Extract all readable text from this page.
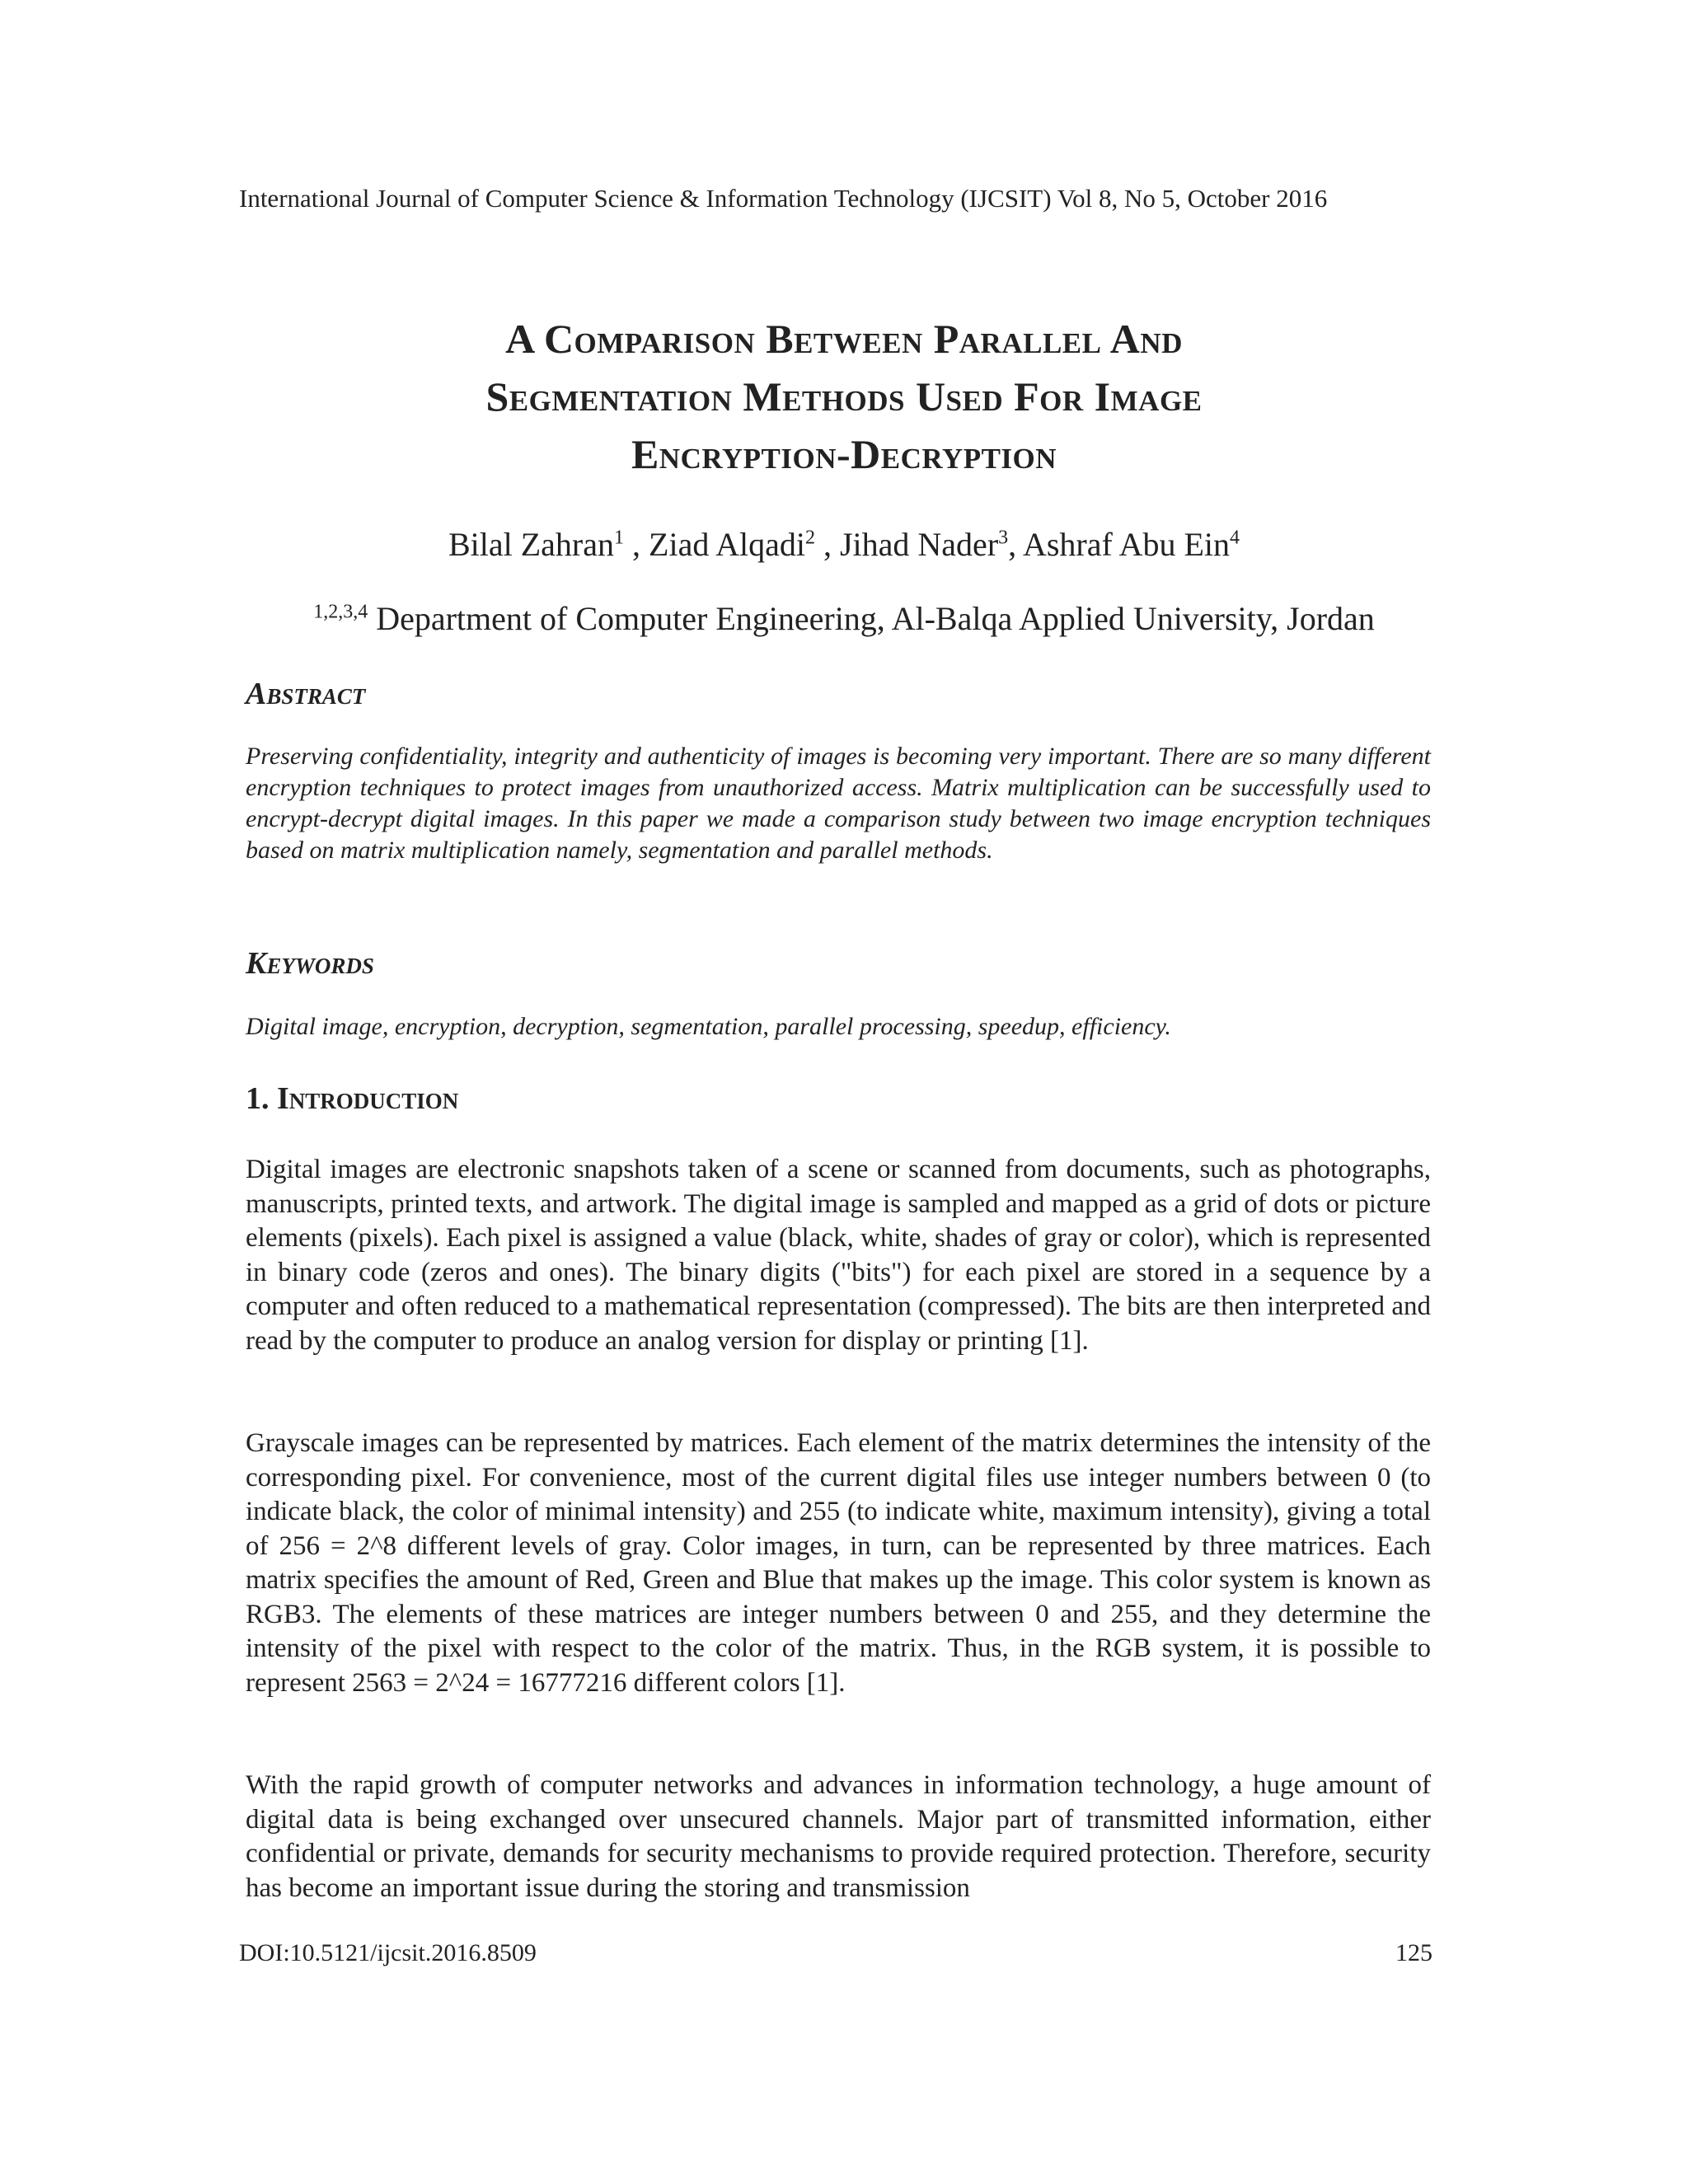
International Journal of Computer Science & Information Technology (IJCSIT) Vol 8, No 5, October 2016
A Comparison Between Parallel And
Segmentation Methods Used For Image
Encryption-Decryption
Bilal Zahran$^1$ , Ziad Alqadi$^2$ , Jihad Nader$^3$, Ashraf Abu Ein$^4$
$^{1,2,3,4}$ Department of Computer Engineering, Al-Balqa Applied University, Jordan
Abstract
Preserving confidentiality, integrity and authenticity of images is becoming very important. There are so many different encryption techniques to protect images from unauthorized access. Matrix multiplication can be successfully used to encrypt-decrypt digital images. In this paper we made a comparison study between two image encryption techniques based on matrix multiplication namely, segmentation and parallel methods.
Keywords
Digital image, encryption, decryption, segmentation, parallel processing, speedup, efficiency.
1. Introduction
Digital images are electronic snapshots taken of a scene or scanned from documents, such as photographs, manuscripts, printed texts, and artwork. The digital image is sampled and mapped as a grid of dots or picture elements (pixels). Each pixel is assigned a value (black, white, shades of gray or color), which is represented in binary code (zeros and ones). The binary digits ("bits") for each pixel are stored in a sequence by a computer and often reduced to a mathematical representation (compressed). The bits are then interpreted and read by the computer to produce an analog version for display or printing [1].
Grayscale images can be represented by matrices. Each element of the matrix determines the intensity of the corresponding pixel. For convenience, most of the current digital files use integer numbers between 0 (to indicate black, the color of minimal intensity) and 255 (to indicate white, maximum intensity), giving a total of 256 = 2^8 different levels of gray. Color images, in turn, can be represented by three matrices. Each matrix specifies the amount of Red, Green and Blue that makes up the image. This color system is known as RGB3. The elements of these matrices are integer numbers between 0 and 255, and they determine the intensity of the pixel with respect to the color of the matrix. Thus, in the RGB system, it is possible to represent 2563 = 2^24 = 16777216 different colors [1].
With the rapid growth of computer networks and advances in information technology, a huge amount of digital data is being exchanged over unsecured channels. Major part of transmitted information, either confidential or private, demands for security mechanisms to provide required protection. Therefore, security has become an important issue during the storing and transmission
DOI:10.5121/ijcsit.2016.8509	125
